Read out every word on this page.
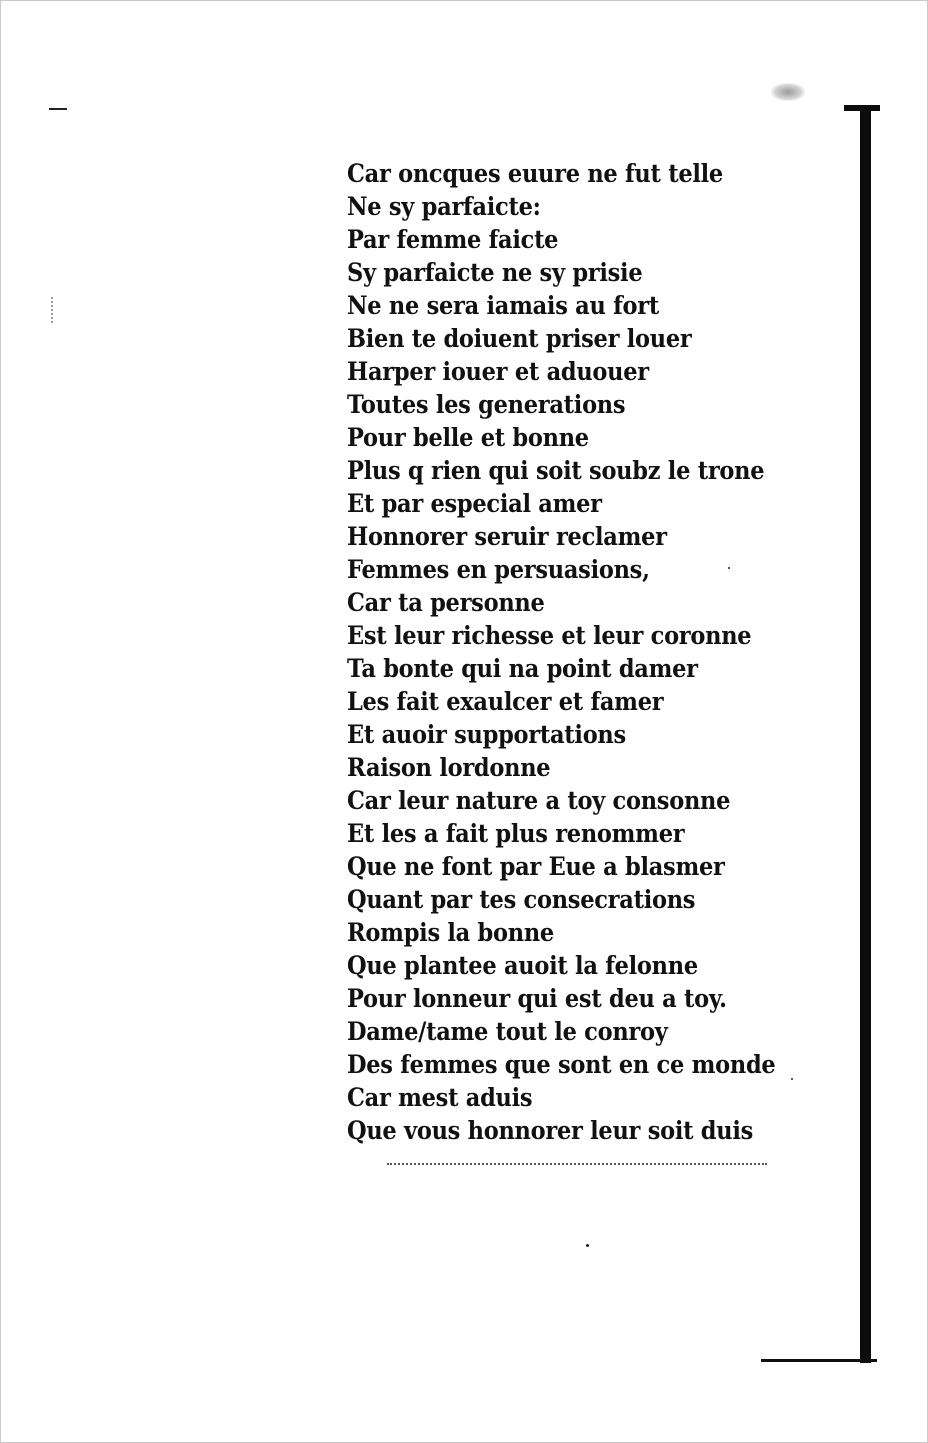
Car oncques euure ne fut telle
Ne sy parfaicte:
Par femme faicte
Sy parfaicte ne sy prisie
Ne ne sera iamais au fort
Bien te doiuent priser louer
Harper iouer et aduouer
Toutes les generations
Pour belle et bonne
Plus q rien qui soit soubz le trone
Et par especial amer
Honnorer seruir reclamer
Femmes en persuasions,
Car ta personne
Est leur richesse et leur coronne
Ta bonte qui na point damer
Les fait exaulcer et famer
Et auoir supportations
Raison lordonne
Car leur nature a toy consonne
Et les a fait plus renommer
Que ne font par Eue a blasmer
Quant par tes consecrations
Rompis la bonne
Que plantee auoit la felonne
Pour lonneur qui est deu a toy.
Dame/tame tout le conroy
Des femmes que sont en ce monde
Car mest aduis
Que vous honnorer leur soit duis
